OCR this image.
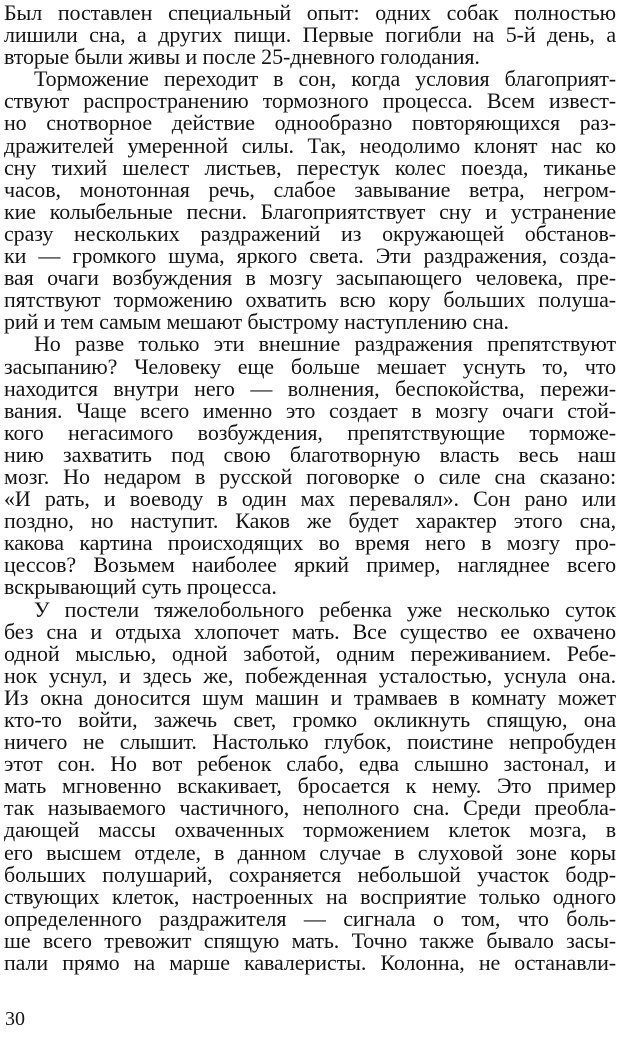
Был поставлен специальный опыт: одних собак полностью
лишили сна, а других пищи. Первые погибли на 5-й день, а
вторые были живы и после 25-дневного голодания.
Торможение переходит в сон, когда условия благоприят-
ствуют распространению тормозного процесса. Всем извест-
но снотворное действие однообразно повторяющихся раз-
дражителей умеренной силы. Так, неодолимо клонят нас ко
сну тихий шелест листьев, перестук колес поезда, тиканье
часов, монотонная речь, слабое завывание ветра, негром-
кие колыбельные песни. Благоприятствует сну и устранение
сразу нескольких раздражений из окружающей обстанов-
ки — громкого шума, яркого света. Эти раздражения, созда-
вая очаги возбуждения в мозгу засыпающего человека, пре-
пятствуют торможению охватить всю кору больших полуша-
рий и тем самым мешают быстрому наступлению сна.
Но разве только эти внешние раздражения препятствуют
засыпанию? Человеку еще больше мешает уснуть то, что
находится внутри него — волнения, беспокойства, пережи-
вания. Чаще всего именно это создает в мозгу очаги стой-
кого негасимого возбуждения, препятствующие торможе-
нию захватить под свою благотворную власть весь наш
мозг. Но недаром в русской поговорке о силе сна сказано:
«И рать, и воеводу в один мах перевалял». Сон рано или
поздно, но наступит. Каков же будет характер этого сна,
какова картина происходящих во время него в мозгу про-
цессов? Возьмем наиболее яркий пример, нагляднее всего
вскрывающий суть процесса.
У постели тяжелобольного ребенка уже несколько суток
без сна и отдыха хлопочет мать. Все существо ее охвачено
одной мыслью, одной заботой, одним переживанием. Ребе-
нок уснул, и здесь же, побежденная усталостью, уснула она.
Из окна доносится шум машин и трамваев в комнату может
кто-то войти, зажечь свет, громко окликнуть спящую, она
ничего не слышит. Настолько глубок, поистине непробуден
этот сон. Но вот ребенок слабо, едва слышно застонал, и
мать мгновенно вскакивает, бросается к нему. Это пример
так называемого частичного, неполного сна. Среди преобла-
дающей массы охваченных торможением клеток мозга, в
его высшем отделе, в данном случае в слуховой зоне коры
больших полушарий, сохраняется небольшой участок бодр-
ствующих клеток, настроенных на восприятие только одного
определенного раздражителя — сигнала о том, что боль-
ше всего тревожит спящую мать. Точно также бывало засы-
пали прямо на марше кавалеристы. Колонна, не останавли-
30
